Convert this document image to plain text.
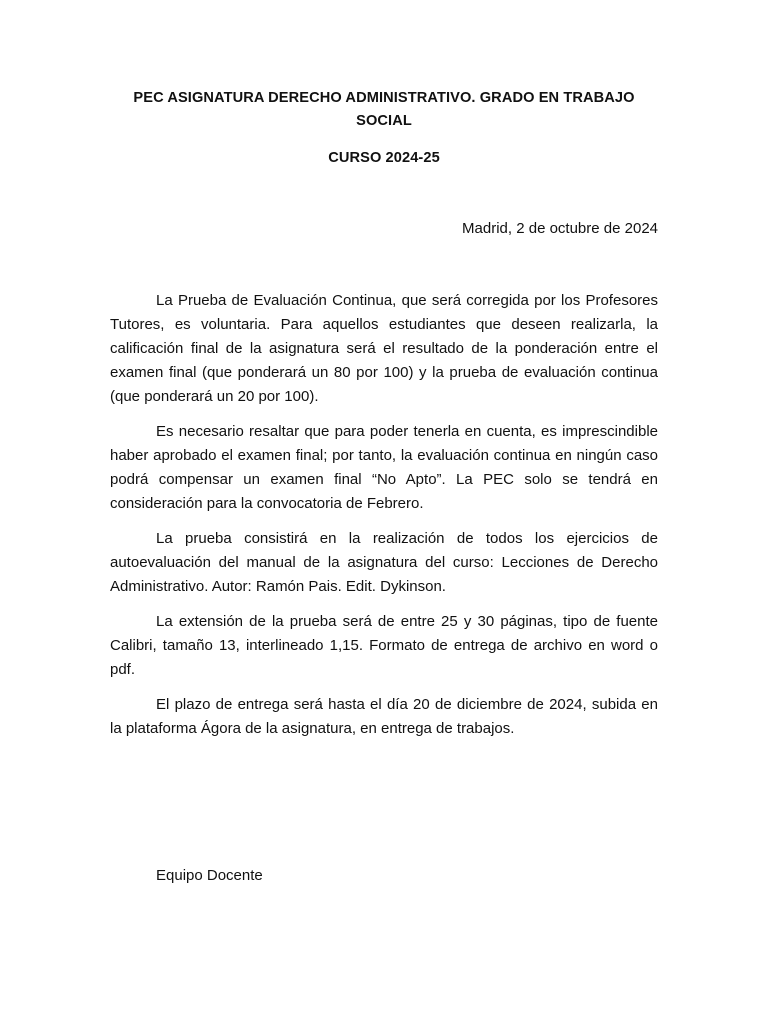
PEC ASIGNATURA DERECHO ADMINISTRATIVO. GRADO EN TRABAJO
SOCIAL
CURSO 2024-25
Madrid, 2 de octubre de 2024

La Prueba de Evaluación Continua, que será corregida por los Profesores Tutores, es voluntaria. Para aquellos estudiantes que deseen realizarla, la calificación final de la asignatura será el resultado de la ponderación entre el examen final (que ponderará un 80 por 100) y la prueba de evaluación continua (que ponderará un 20 por 100).

Es necesario resaltar que para poder tenerla en cuenta, es imprescindible haber aprobado el examen final; por tanto, la evaluación continua en ningún caso podrá compensar un examen final “No Apto”. La PEC solo se tendrá en consideración para la convocatoria de Febrero.

La prueba consistirá en la realización de todos los ejercicios de autoevaluación del manual de la asignatura del curso: Lecciones de Derecho Administrativo. Autor: Ramón Pais. Edit. Dykinson.

La extensión de la prueba será de entre 25 y 30 páginas, tipo de fuente Calibri, tamaño 13, interlineado 1,15. Formato de entrega de archivo en word o pdf.

El plazo de entrega será hasta el día 20 de diciembre de 2024, subida en la plataforma Ágora de la asignatura, en entrega de trabajos.

Equipo Docente
